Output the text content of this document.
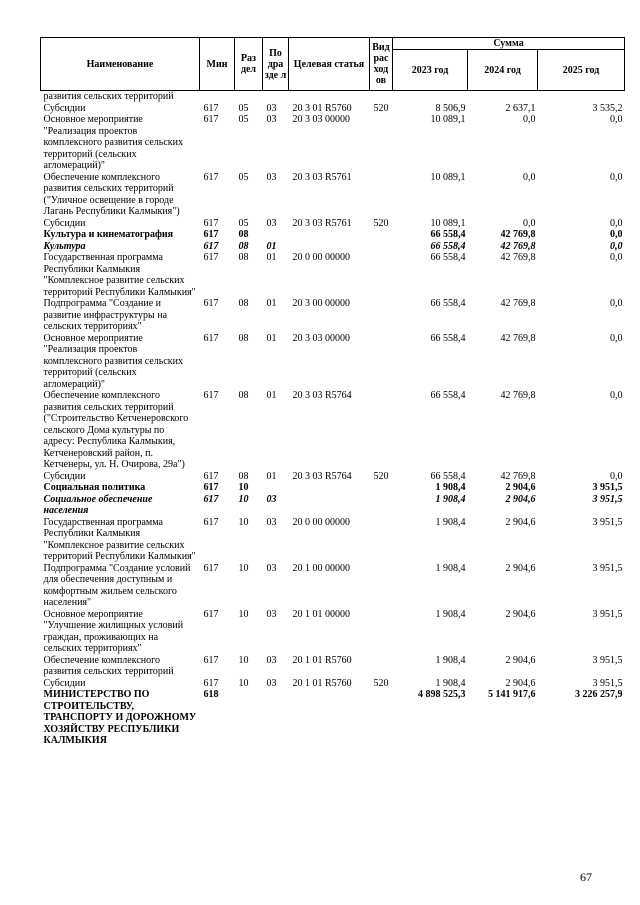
Наименование	Мин	Раз дел	По дра зде л	Целевая статья	Вид рас ход ов	Сумма		
						2023 год	2024 год	2025 год
развития сельских территорий								
Субсидии	617	05	03	20 3 01 R5760	520	8 506,9	2 637,1	3 535,2
Основное мероприятие "Реализация проектов комплексного развития сельских территорий (сельских агломераций)"	617	05	03	20 3 03 00000		10 089,1	0,0	0,0
Обеспечение комплексного развития сельских территорий ("Уличное освещение в городе Лагань Республики Калмыкия")	617	05	03	20 3 03 R5761		10 089,1	0,0	0,0
Субсидии	617	05	03	20 3 03 R5761	520	10 089,1	0,0	0,0
Культура и кинематография	617	08				66 558,4	42 769,8	0,0
Культура	617	08	01			66 558,4	42 769,8	0,0
Государственная программа Республики Калмыкия "Комплексное развитие сельских территорий Республики Калмыкия"	617	08	01	20 0 00 00000		66 558,4	42 769,8	0,0
Подпрограмма "Создание и развитие инфраструктуры на сельских территориях"	617	08	01	20 3 00 00000		66 558,4	42 769,8	0,0
Основное мероприятие "Реализация проектов комплексного развития сельских территорий (сельских агломераций)"	617	08	01	20 3 03 00000		66 558,4	42 769,8	0,0
Обеспечение комплексного развития сельских территорий ("Строительство Кетченеровского сельского Дома культуры по адресу: Республика Калмыкия, Кетченеровский район, п. Кетченеры, ул. Н. Очирова, 29а")	617	08	01	20 3 03 R5764		66 558,4	42 769,8	0,0
Субсидии	617	08	01	20 3 03 R5764	520	66 558,4	42 769,8	0,0
Социальная политика	617	10				1 908,4	2 904,6	3 951,5
Социальное обеспечение населения	617	10	03			1 908,4	2 904,6	3 951,5
Государственная программа Республики Калмыкия "Комплексное развитие сельских территорий Республики Калмыкия"	617	10	03	20 0 00 00000		1 908,4	2 904,6	3 951,5
Подпрограмма "Создание условий для обеспечения доступным и комфортным жильем сельского населения"	617	10	03	20 1 00 00000		1 908,4	2 904,6	3 951,5
Основное мероприятие "Улучшение жилищных условий граждан, проживающих на сельских территориях"	617	10	03	20 1 01 00000		1 908,4	2 904,6	3 951,5
Обеспечение комплексного развития сельских территорий	617	10	03	20 1 01 R5760		1 908,4	2 904,6	3 951,5
Субсидии	617	10	03	20 1 01 R5760	520	1 908,4	2 904,6	3 951,5
МИНИСТЕРСТВО ПО СТРОИТЕЛЬСТВУ, ТРАНСПОРТУ И ДОРОЖНОМУ ХОЗЯЙСТВУ РЕСПУБЛИКИ КАЛМЫКИЯ	618					4 898 525,3	5 141 917,6	3 226 257,9
67
